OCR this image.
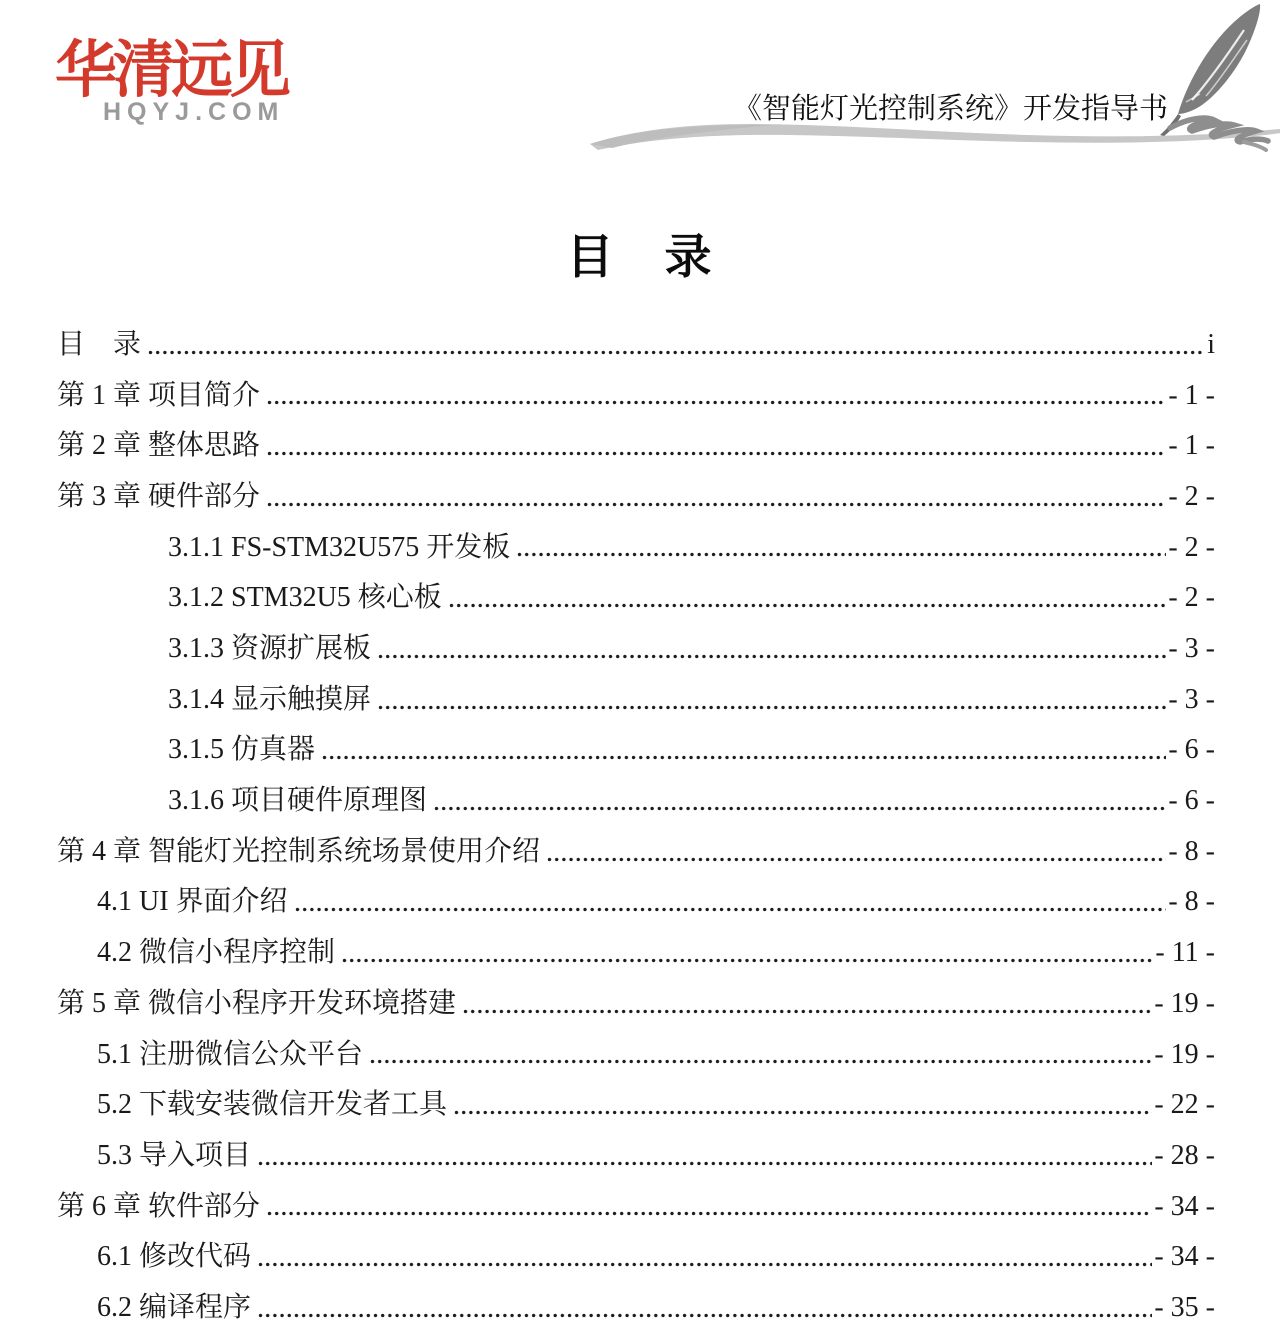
华清远见
HQYJ.COM	《智能灯光控制系统》开发指导书
目　录
目　录	i
第 1 章 项目简介	- 1 -
第 2 章 整体思路	- 1 -
第 3 章 硬件部分	- 2 -
3.1.1 FS-STM32U575 开发板	- 2 -
3.1.2 STM32U5 核心板	- 2 -
3.1.3 资源扩展板	- 3 -
3.1.4 显示触摸屏	- 3 -
3.1.5 仿真器	- 6 -
3.1.6 项目硬件原理图	- 6 -
第 4 章 智能灯光控制系统场景使用介绍	- 8 -
4.1 UI 界面介绍	- 8 -
4.2 微信小程序控制	- 11 -
第 5 章 微信小程序开发环境搭建	- 19 -
5.1 注册微信公众平台	- 19 -
5.2 下载安装微信开发者工具	- 22 -
5.3 导入项目	- 28 -
第 6 章 软件部分	- 34 -
6.1 修改代码	- 34 -
6.2 编译程序	- 35 -
